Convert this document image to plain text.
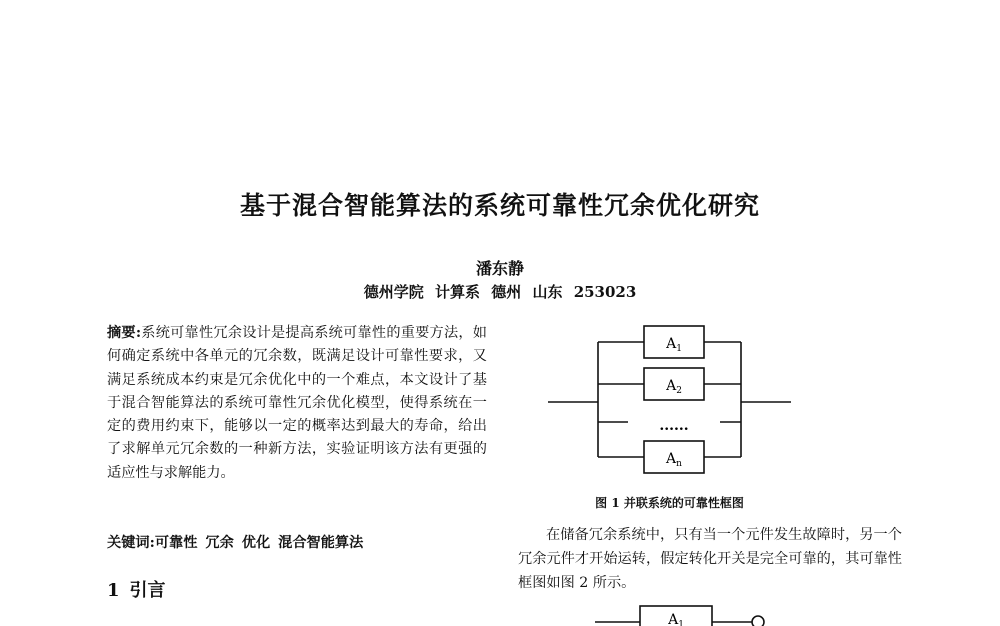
基于混合智能算法的系统可靠性冗余优化研究
潘东静
德州学院 计算系 德州 山东 253023
摘要:系统可靠性冗余设计是提高系统可靠性的重要方法，如何确定系统中各单元的冗余数，既满足设计可靠性要求，又满足系统成本约束是冗余优化中的一个难点，本文设计了基于混合智能算法的系统可靠性冗余优化模型，使得系统在一定的费用约束下，能够以一定的概率达到最大的寿命，给出了求解单元冗余数的一种新方法，实验证明该方法有更强的适应性与求解能力。
关键词:可靠性 冗余 优化 混合智能算法
1 引言
$A_1$
$A_2$
$A_n$
......
图 1 并联系统的可靠性框图
在储备冗余系统中，只有当一个元件发生故障时，另一个冗余元件才开始运转，假定转化开关是完全可靠的，其可靠性框图如图 2 所示。
$A_1$
